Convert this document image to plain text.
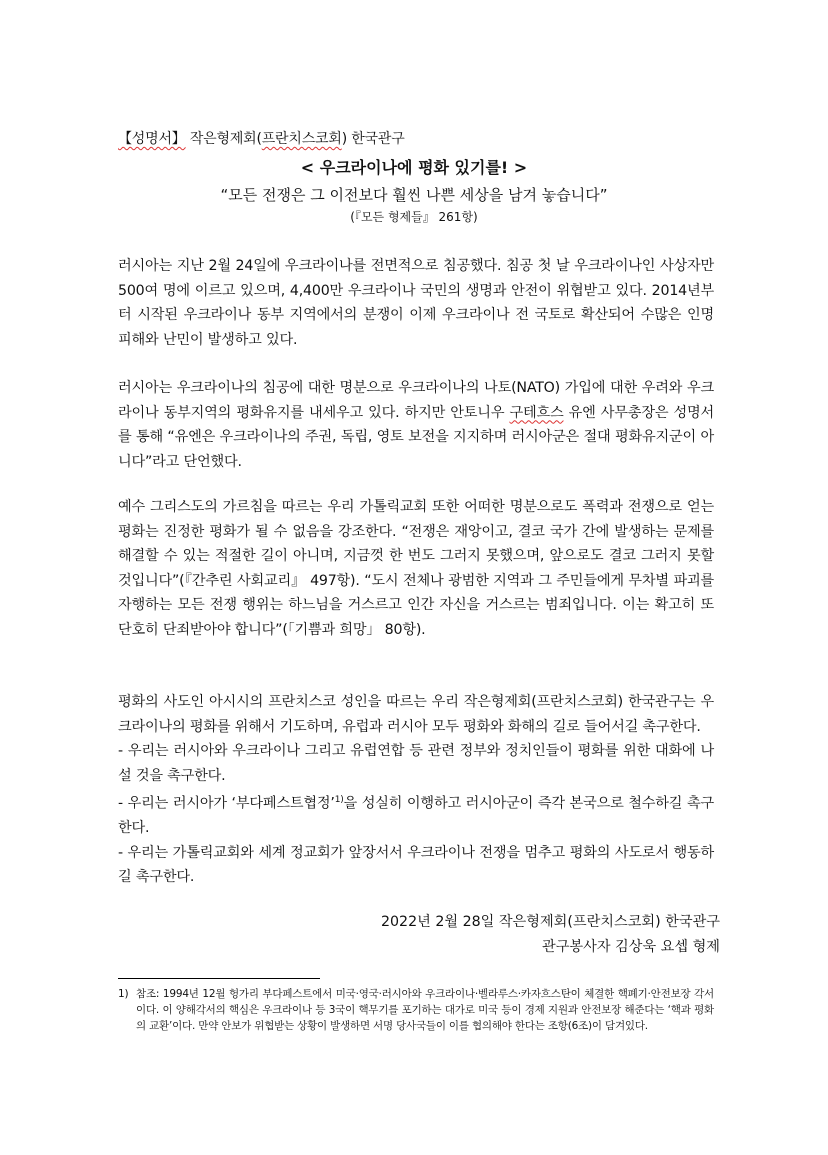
【성명서】 작은형제회(프란치스코회) 한국관구
< 우크라이나에 평화 있기를! >
“모든 전쟁은 그 이전보다 훨씬 나쁜 세상을 남겨 놓습니다”
(『모든 형제들』 261항)

러시아는 지난 2월 24일에 우크라이나를 전면적으로 침공했다. 침공 첫 날 우크라이나인 사상자만 500여 명에 이르고 있으며, 4,400만 우크라이나 국민의 생명과 안전이 위협받고 있다. 2014년부터 시작된 우크라이나 동부 지역에서의 분쟁이 이제 우크라이나 전 국토로 확산되어 수많은 인명 피해와 난민이 발생하고 있다.

러시아는 우크라이나의 침공에 대한 명분으로 우크라이나의 나토(NATO) 가입에 대한 우려와 우크라이나 동부지역의 평화유지를 내세우고 있다. 하지만 안토니우 구테흐스 유엔 사무총장은 성명서를 통해 “유엔은 우크라이나의 주권, 독립, 영토 보전을 지지하며 러시아군은 절대 평화유지군이 아니다”라고 단언했다.

예수 그리스도의 가르침을 따르는 우리 가톨릭교회 또한 어떠한 명분으로도 폭력과 전쟁으로 얻는 평화는 진정한 평화가 될 수 없음을 강조한다. “전쟁은 재앙이고, 결코 국가 간에 발생하는 문제를 해결할 수 있는 적절한 길이 아니며, 지금껏 한 번도 그러지 못했으며, 앞으로도 결코 그러지 못할 것입니다”(『간추린 사회교리』 497항). “도시 전체나 광범한 지역과 그 주민들에게 무차별 파괴를 자행하는 모든 전쟁 행위는 하느님을 거스르고 인간 자신을 거스르는 범죄입니다. 이는 확고히 또 단호히 단죄받아야 합니다”(「기쁨과 희망」 80항).

평화의 사도인 아시시의 프란치스코 성인을 따르는 우리 작은형제회(프란치스코회) 한국관구는 우크라이나의 평화를 위해서 기도하며, 유럽과 러시아 모두 평화와 화해의 길로 들어서길 촉구한다.

- 우리는 러시아와 우크라이나 그리고 유럽연합 등 관련 정부와 정치인들이 평화를 위한 대화에 나설 것을 촉구한다.

- 우리는 러시아가 ‘부다페스트협정’$^{1)}$을 성실히 이행하고 러시아군이 즉각 본국으로 철수하길 촉구한다.

- 우리는 가톨릭교회와 세계 정교회가 앞장서서 우크라이나 전쟁을 멈추고 평화의 사도로서 행동하길 촉구한다.

2022년 2월 28일 작은형제회(프란치스코회) 한국관구
관구봉사자 김상욱 요셉 형제
1) 참조: 1994년 12월 헝가리 부다페스트에서 미국·영국·러시아와 우크라이나·벨라루스·카자흐스탄이 체결한 핵폐기·안전보장 각서이다. 이 양해각서의 핵심은 우크라이나 등 3국이 핵무기를 포기하는 대가로 미국 등이 경제 지원과 안전보장 해준다는 ‘핵과 평화의 교환’이다. 만약 안보가 위협받는 상황이 발생하면 서명 당사국들이 이를 협의해야 한다는 조항(6조)이 담겨있다.
